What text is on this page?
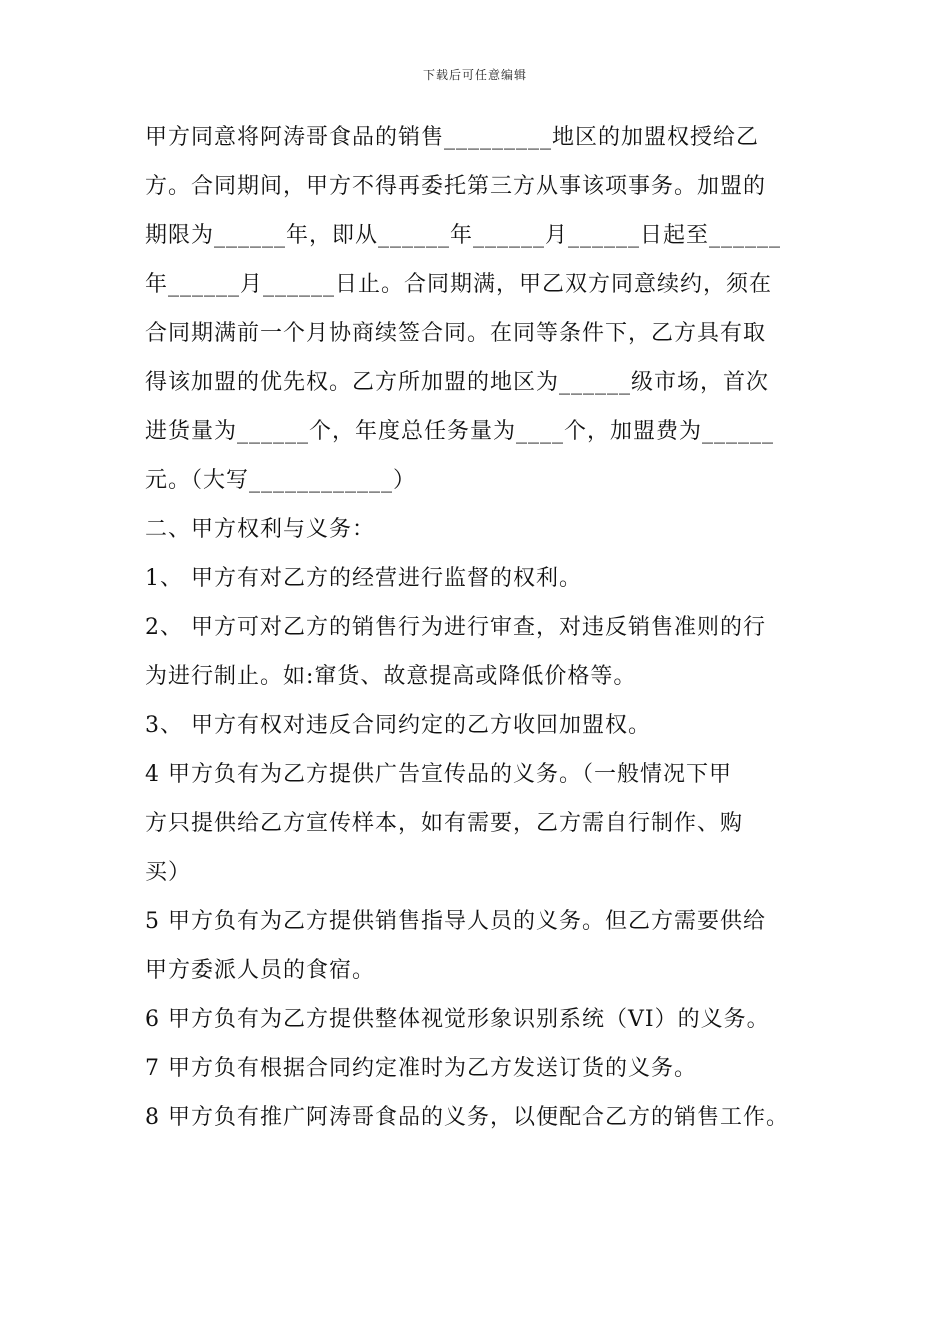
下载后可任意编辑
甲方同意将阿涛哥食品的销售_________地区的加盟权授给乙
方。合同期间，甲方不得再委托第三方从事该项事务。加盟的
期限为______年，即从______年______月______日起至______
年______月______日止。合同期满，甲乙双方同意续约，须在
合同期满前一个月协商续签合同。在同等条件下，乙方具有取
得该加盟的优先权。乙方所加盟的地区为______级市场，首次
进货量为______个，年度总任务量为____个，加盟费为______
元。（大写____________）
二、甲方权利与义务：
1、 甲方有对乙方的经营进行监督的权利。
2、 甲方可对乙方的销售行为进行审查，对违反销售准则的行
为进行制止。如:窜货、故意提高或降低价格等。
3、 甲方有权对违反合同约定的乙方收回加盟权。
4 甲方负有为乙方提供广告宣传品的义务。（一般情况下甲
方只提供给乙方宣传样本，如有需要，乙方需自行制作、购
买）
5 甲方负有为乙方提供销售指导人员的义务。但乙方需要供给
甲方委派人员的食宿。
6 甲方负有为乙方提供整体视觉形象识别系统（VI）的义务。
7 甲方负有根据合同约定准时为乙方发送订货的义务。
8 甲方负有推广阿涛哥食品的义务，以便配合乙方的销售工作。
